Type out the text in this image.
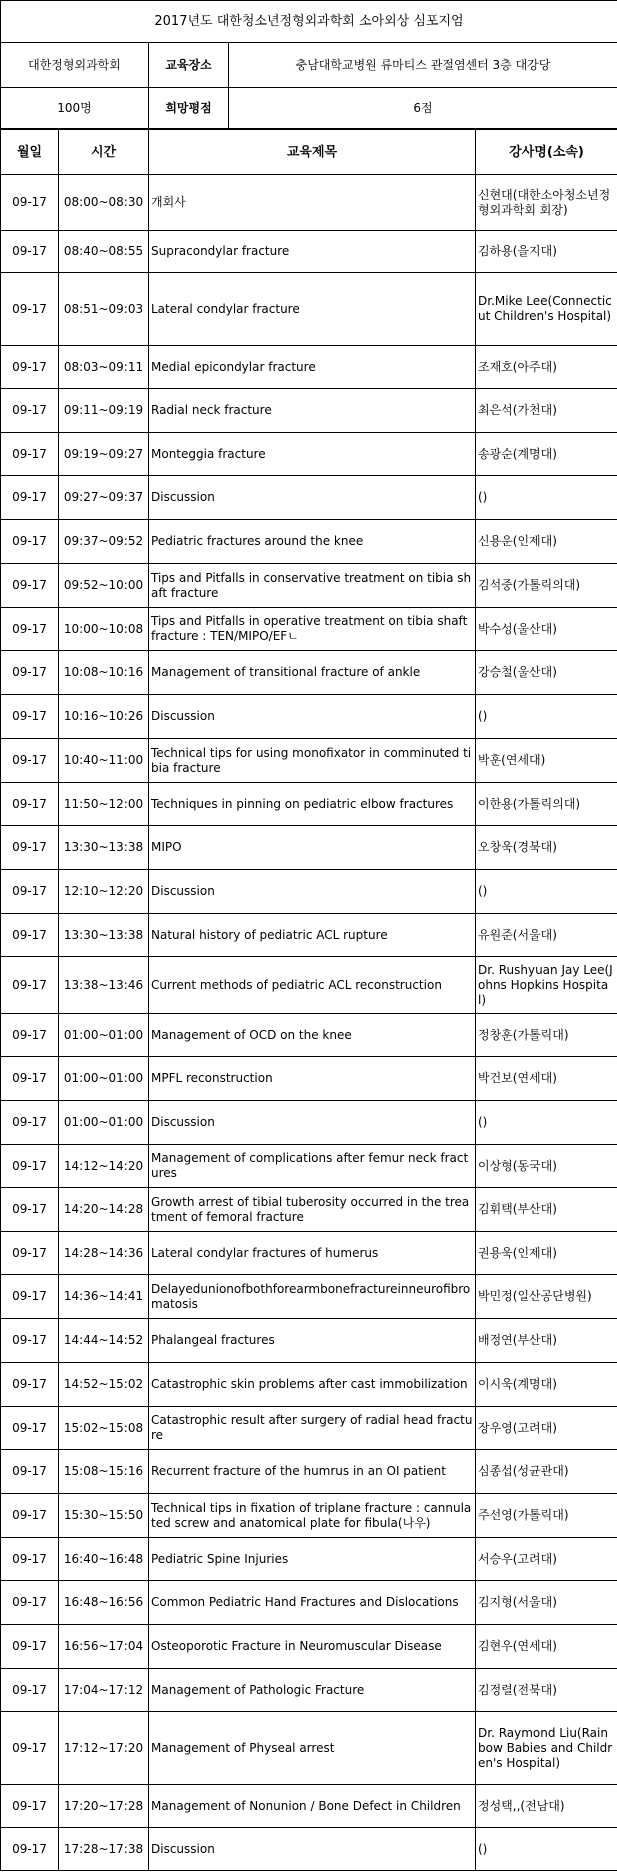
2017년도 대한청소년정형외과학회 소아외상 심포지엄		
대한정형외과학회	교육장소	충남대학교병원 류마티스 관절염센터 3층 대강당
100명	희망평점	6점
월일	시간	교육제목	강사명(소속)
09-17	08:00~08:30	개회사	신현대(대한소아청소년정형외과학회 회장)
09-17	08:40~08:55	Supracondylar fracture	김하용(을지대)
09-17	08:51~09:03	Lateral condylar fracture	Dr.Mike Lee(Connecticut Children's Hospital)
09-17	08:03~09:11	Medial epicondylar fracture	조재호(아주대)
09-17	09:11~09:19	Radial neck fracture	최은석(가천대)
09-17	09:19~09:27	Monteggia fracture	송광순(계명대)
09-17	09:27~09:37	Discussion	()
09-17	09:37~09:52	Pediatric fractures around the knee	신용운(인제대)
09-17	09:52~10:00	Tips and Pitfalls in conservative treatment on tibia shaft fracture	김석중(가톨릭의대)
09-17	10:00~10:08	Tips and Pitfalls in operative treatment on tibia shaft fracture : TEN/MIPO/EFㄴ	박수성(울산대)
09-17	10:08~10:16	Management of transitional fracture of ankle	강승철(울산대)
09-17	10:16~10:26	Discussion	()
09-17	10:40~11:00	Technical tips for using monofixator in comminuted tibia fracture	박훈(연세대)
09-17	11:50~12:00	Techniques in pinning on pediatric elbow fractures	이한용(가톨릭의대)
09-17	13:30~13:38	MIPO	오창욱(경북대)
09-17	12:10~12:20	Discussion	()
09-17	13:30~13:38	Natural history of pediatric ACL rupture	유원준(서울대)
09-17	13:38~13:46	Current methods of pediatric ACL reconstruction	Dr. Rushyuan Jay Lee(Johns Hopkins Hospital)
09-17	01:00~01:00	Management of OCD on the knee	정창훈(가톨릭대)
09-17	01:00~01:00	MPFL reconstruction	박건보(연세대)
09-17	01:00~01:00	Discussion	()
09-17	14:12~14:20	Management of complications after femur neck fractures	이상형(동국대)
09-17	14:20~14:28	Growth arrest of tibial tuberosity occurred in the treatment of femoral fracture	김휘택(부산대)
09-17	14:28~14:36	Lateral condylar fractures of humerus	권용욱(인제대)
09-17	14:36~14:41	Delayedunionofbothforearmbonefractureinneurofibromatosis	박민정(일산공단병원)
09-17	14:44~14:52	Phalangeal fractures	배정연(부산대)
09-17	14:52~15:02	Catastrophic skin problems after cast immobilization	이시욱(계명대)
09-17	15:02~15:08	Catastrophic result after surgery of radial head fracture	장우영(고려대)
09-17	15:08~15:16	Recurrent fracture of the humrus in an OI patient	심종섭(성균관대)
09-17	15:30~15:50	Technical tips in fixation of triplane fracture : cannulated screw and anatomical plate for fibula(나우)	주선영(가톨릭대)
09-17	16:40~16:48	Pediatric Spine Injuries	서승우(고려대)
09-17	16:48~16:56	Common Pediatric Hand Fractures and Dislocations	김지형(서울대)
09-17	16:56~17:04	Osteoporotic Fracture in Neuromuscular Disease	김현우(연세대)
09-17	17:04~17:12	Management of Pathologic Fracture	김정렬(전북대)
09-17	17:12~17:20	Management of Physeal arrest	Dr. Raymond Liu(Rainbow Babies and Children's Hospital)
09-17	17:20~17:28	Management of Nonunion / Bone Defect in Children	정성택,,(전남대)
09-17	17:28~17:38	Discussion	()
